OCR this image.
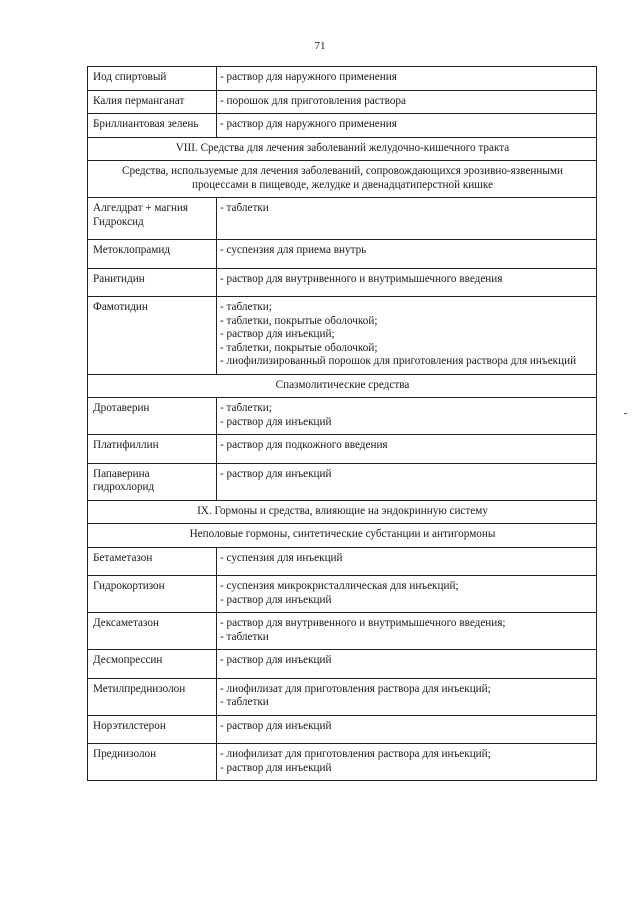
71
Иод спиртовый	- раствор для наружного применения

Калия перманганат	- порошок для приготовления раствора

Бриллиантовая зелень	- раствор для наружного применения

VIII. Средства для лечения заболеваний желудочно-кишечного тракта	
Средства, используемые для лечения заболеваний, сопровождающихся эрозивно-язвенными процессами в пищеводе, желудке и двенадцатиперстной кишке	
Алгелдрат + магния Гидроксид	- таблетки

Метоклопрамид	- суспензия для приема внутрь

Ранитидин	- раствор для внутривенного и внутримышечного введения

Фамотидин	- таблетки;
- таблетки, покрытые оболочкой;
- раствор для инъекций;
- таблетки, покрытые оболочкой;
- лиофилизированный порошок для приготовления раствора для инъекций

Спазмолитические средства	
Дротаверин	- таблетки;
- раствор для инъекций

Платифиллин	- раствор для подкожного введения

Папаверина гидрохлорид	- раствор для инъекций

IX. Гормоны и средства, влияющие на эндокринную систему	
Неполовые гормоны, синтетические субстанции и антигормоны	
Бетаметазон	- суспензия для инъекций

Гидрокортизон	- суспензия микрокристаллическая для инъекций;
- раствор для инъекций

Дексаметазон	- раствор для внутривенного и внутримышечного введения;
- таблетки

Десмопрессин	- раствор для инъекций

Метилпреднизолон	- лиофилизат для приготовления раствора для инъекций;
- таблетки

Норэтилстерон	- раствор для инъекций

Преднизолон	- лиофилизат для приготовления раствора для инъекций;
- раствор для инъекций
